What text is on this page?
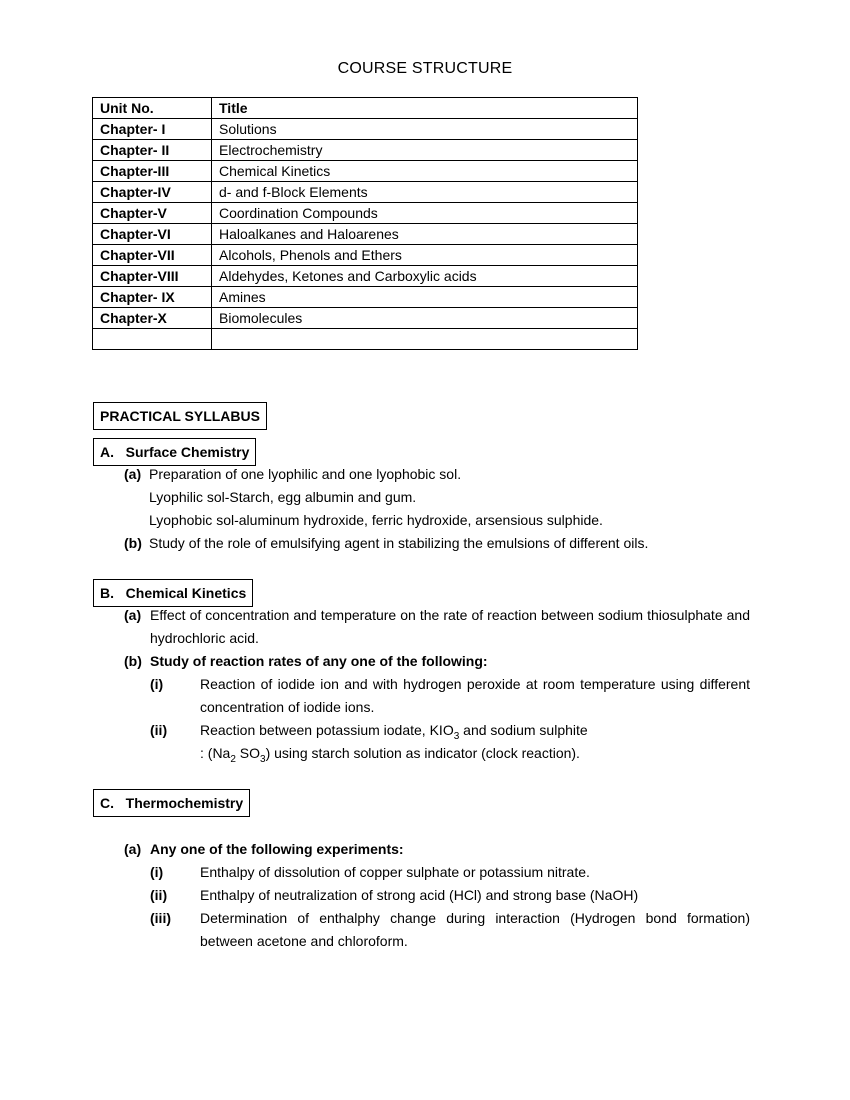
COURSE STRUCTURE
Unit No.	Title
Chapter- I	Solutions
Chapter- II	Electrochemistry
Chapter-III	Chemical Kinetics
Chapter-IV	d- and f-Block Elements
Chapter-V	Coordination Compounds
Chapter-VI	Haloalkanes and Haloarenes
Chapter-VII	Alcohols, Phenols and Ethers
Chapter-VIII	Aldehydes, Ketones and Carboxylic acids
Chapter- IX	Amines
Chapter-X	Biomolecules

PRACTICAL SYLLABUS
A.   Surface Chemistry
(a) Preparation of one lyophilic and one lyophobic sol.
Lyophilic sol-Starch, egg albumin and gum.
Lyophobic sol-aluminum hydroxide, ferric hydroxide, arsensious sulphide.
(b) Study of the role of emulsifying agent in stabilizing the emulsions of different oils.
B.   Chemical Kinetics
(a) Effect of concentration and temperature on the rate of reaction between sodium thiosulphate and hydrochloric acid.
(b) Study of reaction rates of any one of the following:
(i)	Reaction of iodide ion and with hydrogen peroxide at room temperature using different concentration of iodide ions.
(ii) Reaction between potassium iodate, $KIO_3$ and sodium sulphite
: ($Na_2$ $SO_3$) using starch solution as indicator (clock reaction).
C.   Thermochemistry
(a) Any one of the following experiments:
(i)	Enthalpy of dissolution of copper sulphate or potassium nitrate.
(ii) Enthalpy of neutralization of strong acid (HCl) and strong base (NaOH)
(iii) Determination of enthalphy change during interaction (Hydrogen bond formation) between acetone and chloroform.
